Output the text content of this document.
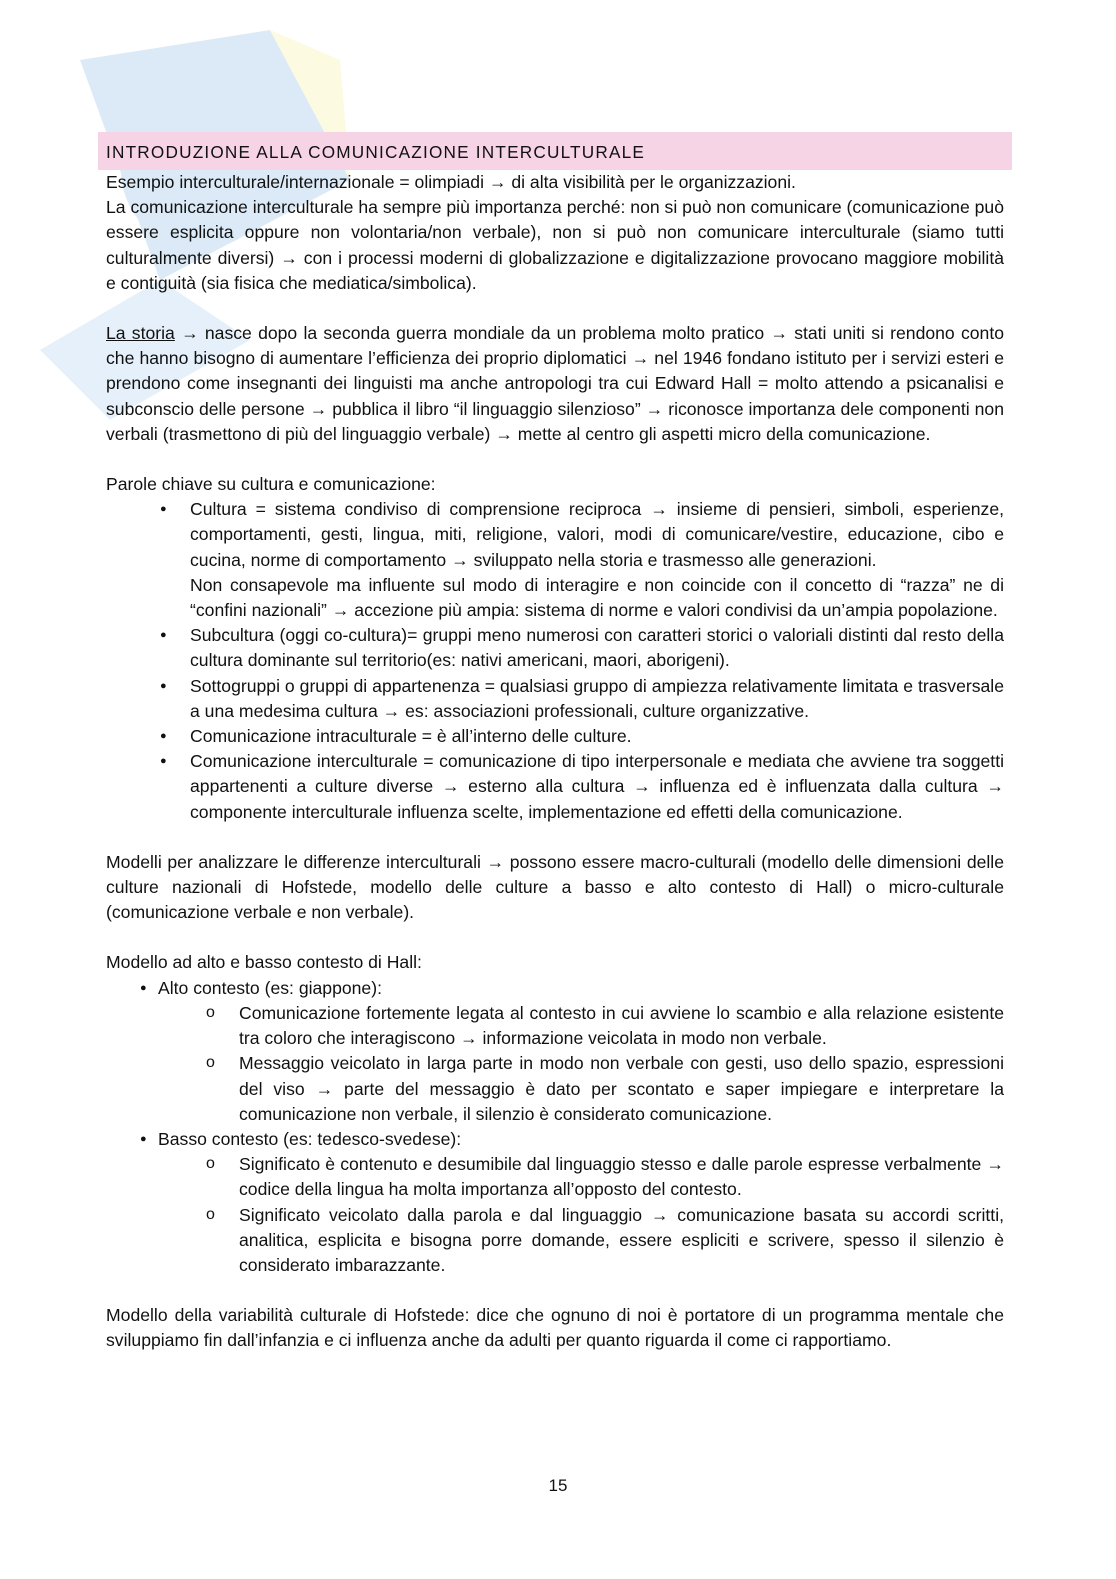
INTRODUZIONE ALLA COMUNICAZIONE INTERCULTURALE

Esempio interculturale/internazionale = olimpiadi → di alta visibilità per le organizzazioni.

La comunicazione interculturale ha sempre più importanza perché: non si può non comunicare (comunicazione può essere esplicita oppure non volontaria/non verbale), non si può non comunicare interculturale (siamo tutti culturalmente diversi) → con i processi moderni di globalizzazione e digitalizzazione provocano maggiore mobilità e contiguità (sia fisica che mediatica/simbolica).

La storia → nasce dopo la seconda guerra mondiale da un problema molto pratico → stati uniti si rendono conto che hanno bisogno di aumentare l’efficienza dei proprio diplomatici → nel 1946 fondano istituto per i servizi esteri e prendono come insegnanti dei linguisti ma anche antropologi tra cui Edward Hall = molto attendo a psicanalisi e subconscio delle persone → pubblica il libro “il linguaggio silenzioso” → riconosce importanza dele componenti non verbali (trasmettono di più del linguaggio verbale) → mette al centro gli aspetti micro della comunicazione.

Parole chiave su cultura e comunicazione:

● Cultura = sistema condiviso di comprensione reciproca → insieme di pensieri, simboli, esperienze, comportamenti, gesti, lingua, miti, religione, valori, modi di comunicare/vestire, educazione, cibo e cucina, norme di comportamento → sviluppato nella storia e trasmesso alle generazioni.
Non consapevole ma influente sul modo di interagire e non coincide con il concetto di “razza” ne di “confini nazionali” → accezione più ampia: sistema di norme e valori condivisi da un’ampia popolazione.
● Subcultura (oggi co-cultura)= gruppi meno numerosi con caratteri storici o valoriali distinti dal resto della cultura dominante sul territorio(es: nativi americani, maori, aborigeni).
● Sottogruppi o gruppi di appartenenza = qualsiasi gruppo di ampiezza relativamente limitata e trasversale a una medesima cultura → es: associazioni professionali, culture organizzative.
● Comunicazione intraculturale = è all’interno delle culture.
● Comunicazione interculturale = comunicazione di tipo interpersonale e mediata che avviene tra soggetti appartenenti a culture diverse → esterno alla cultura → influenza ed è influenzata dalla cultura → componente interculturale influenza scelte, implementazione ed effetti della comunicazione.

Modelli per analizzare le differenze interculturali → possono essere macro-culturali (modello delle dimensioni delle culture nazionali di Hofstede, modello delle culture a basso e alto contesto di Hall) o micro-culturale (comunicazione verbale e non verbale).

Modello ad alto e basso contesto di Hall:

● Alto contesto (es: giappone):
o Comunicazione fortemente legata al contesto in cui avviene lo scambio e alla relazione esistente tra coloro che interagiscono → informazione veicolata in modo non verbale.
o Messaggio veicolato in larga parte in modo non verbale con gesti, uso dello spazio, espressioni del viso → parte del messaggio è dato per scontato e saper impiegare e interpretare la comunicazione non verbale, il silenzio è considerato comunicazione.
● Basso contesto (es: tedesco-svedese):
o Significato è contenuto e desumibile dal linguaggio stesso e dalle parole espresse verbalmente → codice della lingua ha molta importanza all’opposto del contesto.
o Significato veicolato dalla parola e dal linguaggio → comunicazione basata su accordi scritti, analitica, esplicita e bisogna porre domande, essere espliciti e scrivere, spesso il silenzio è considerato imbarazzante.

Modello della variabilità culturale di Hofstede: dice che ognuno di noi è portatore di un programma mentale che sviluppiamo fin dall’infanzia e ci influenza anche da adulti per quanto riguarda il come ci rapportiamo.

15
